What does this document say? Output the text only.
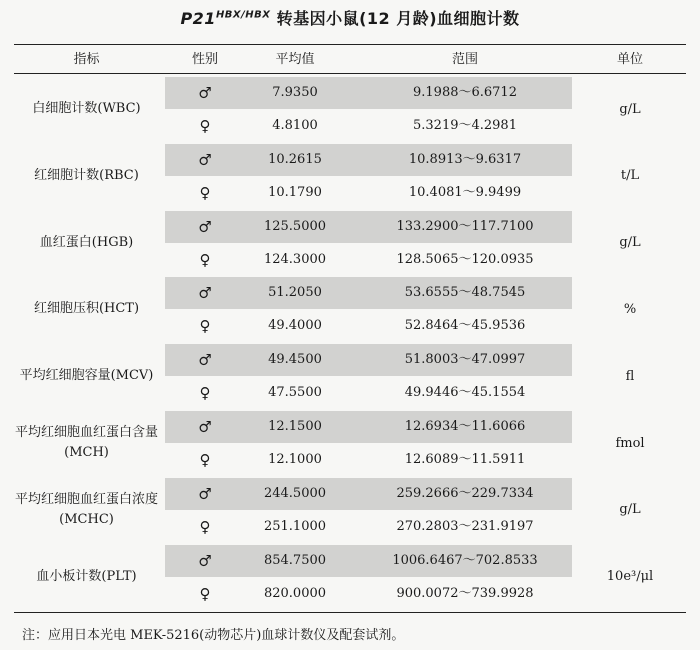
$P21^{HBX/HBX}$ 转基因小鼠(12 月龄)血细胞计数
指标	性别	平均值	范围	单位
白细胞计数(WBC)	g/L
♂	7.9350	9.1988～6.6712
♀	4.8100	5.3219～4.2981
红细胞计数(RBC)	t/L
♂	10.2615	10.8913～9.6317
♀	10.1790	10.4081～9.9499
血红蛋白(HGB)	g/L
♂	125.5000	133.2900～117.7100
♀	124.3000	128.5065～120.0935
红细胞压积(HCT)	%
♂	51.2050	53.6555～48.7545
♀	49.4000	52.8464～45.9536
平均红细胞容量(MCV)	fl
♂	49.4500	51.8003～47.0997
♀	47.5500	49.9446～45.1554
平均红细胞血红蛋白含量(MCH)
fmol
♂	12.1500	12.6934～11.6066
♀	12.1000	12.6089～11.5911
平均红细胞血红蛋白浓度(MCHC)
g/L
♂	244.5000	259.2666～229.7334
♀	251.1000	270.2803～231.9197
血小板计数(PLT)	10e³/μl
♂	854.7500	1006.6467～702.8533
♀	820.0000	900.0072～739.9928
注：应用日本光电 MEK-5216(动物芯片)血球计数仪及配套试剂。
